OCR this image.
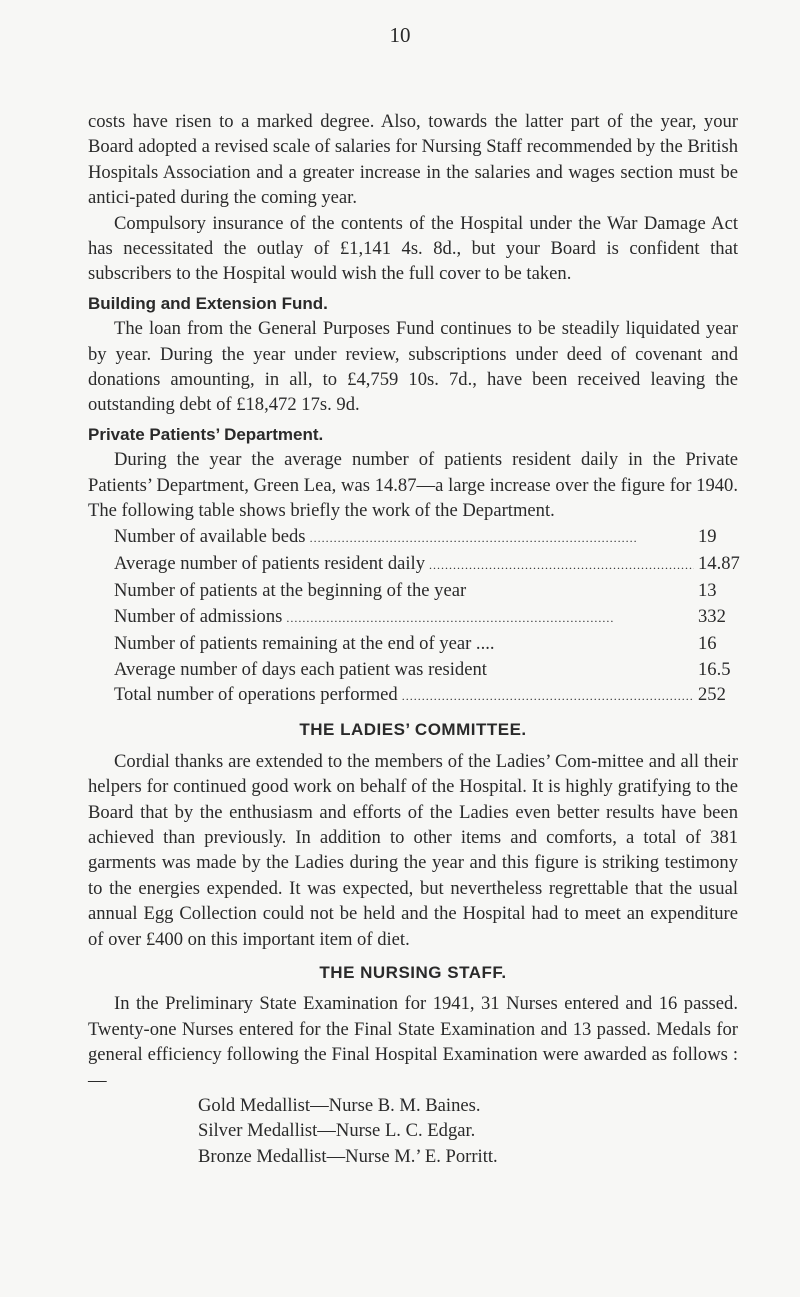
10

costs have risen to a marked degree. Also, towards the latter part of the year, your Board adopted a revised scale of salaries for Nursing Staff recommended by the British Hospitals Association and a greater increase in the salaries and wages section must be antici-pated during the coming year.

Compulsory insurance of the contents of the Hospital under the War Damage Act has necessitated the outlay of £1,141 4s. 8d., but your Board is confident that subscribers to the Hospital would wish the full cover to be taken.

Building and Extension Fund.

The loan from the General Purposes Fund continues to be steadily liquidated year by year. During the year under review, subscriptions under deed of covenant and donations amounting, in all, to £4,759 10s. 7d., have been received leaving the outstanding debt of £18,472 17s. 9d.

Private Patients’ Department.

During the year the average number of patients resident daily in the Private Patients’ Department, Green Lea, was 14.87—a large increase over the figure for 1940. The following table shows briefly the work of the Department.

Number of available beds . . .	19
Average number of patients resident daily . . .	14.87
Number of patients at the beginning of the year	13
Number of admissions . . .	332
Number of patients remaining at the end of year ....	16
Average number of days each patient was resident	16.5
Total number of operations performed . . .	252
THE LADIES’ COMMITTEE.

Cordial thanks are extended to the members of the Ladies’ Com-mittee and all their helpers for continued good work on behalf of the Hospital. It is highly gratifying to the Board that by the enthusiasm and efforts of the Ladies even better results have been achieved than previously. In addition to other items and comforts, a total of 381 garments was made by the Ladies during the year and this figure is striking testimony to the energies expended. It was expected, but nevertheless regrettable that the usual annual Egg Collection could not be held and the Hospital had to meet an expenditure of over £400 on this important item of diet.

THE NURSING STAFF.

In the Preliminary State Examination for 1941, 31 Nurses entered and 16 passed. Twenty-one Nurses entered for the Final State Examination and 13 passed. Medals for general efficiency following the Final Hospital Examination were awarded as follows :—

Gold Medallist—Nurse B. M. Baines.
Silver Medallist—Nurse L. C. Edgar.
Bronze Medallist—Nurse M.’ E. Porritt.
